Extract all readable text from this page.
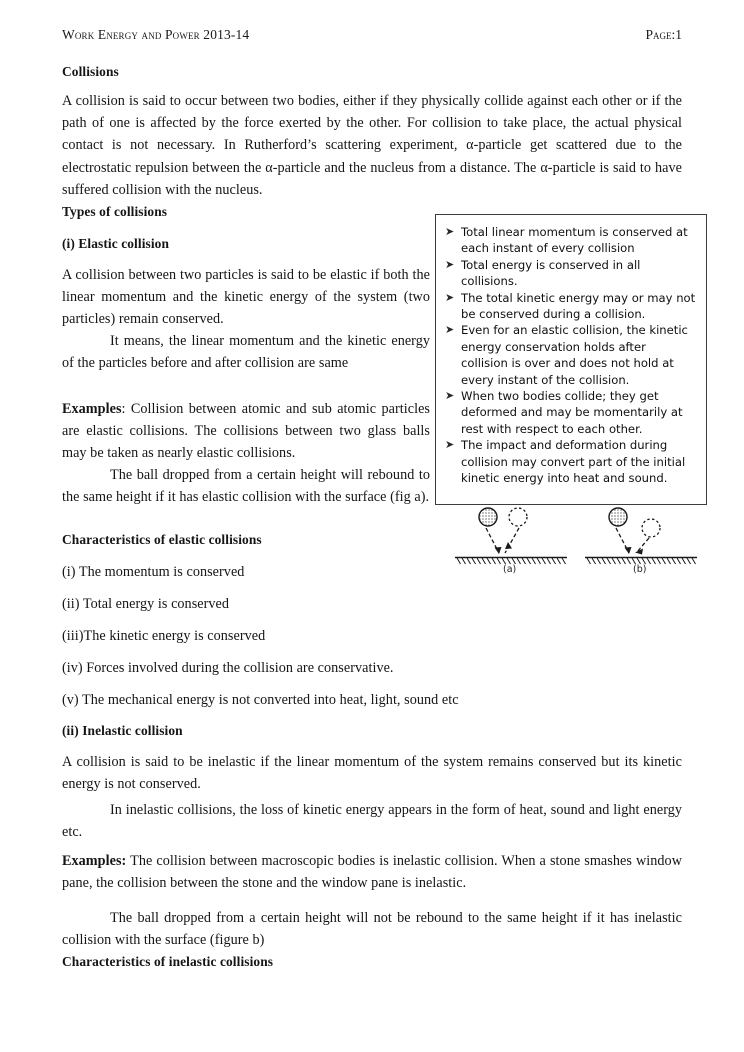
Work Energy and Power 2013-14	Page:1
Collisions

A collision is said to occur between two bodies, either if they physically collide against each other or if the path of one is affected by the force exerted by the other. For collision to take place, the actual physical contact is not necessary. In Rutherford’s scattering experiment, α-particle get scattered due to the electrostatic repulsion between the α-particle and the nucleus from a distance. The α-particle is said to have suffered collision with the nucleus.

Types of collisions
(i) Elastic collision

A collision between two particles is said to be elastic if both the linear momentum and the kinetic energy of the system (two particles) remain conserved.

It means, the linear momentum and the kinetic energy of the particles before and after collision are same

Examples: Collision between atomic and sub atomic particles are elastic collisions. The collisions between two glass balls may be taken as nearly elastic collisions.

The ball dropped from a certain height will rebound to the same height if it has elastic collision with the surface (fig a).

Characteristics of elastic collisions

(i) The momentum is conserved

(ii) Total energy is conserved

(iii)The kinetic energy is conserved

(iv) Forces involved during the collision are conservative.

(v) The mechanical energy is not converted into heat, light, sound etc

(ii) Inelastic collision

A collision is said to be inelastic if the linear momentum of the system remains conserved but its kinetic energy is not conserved.

In inelastic collisions, the loss of kinetic energy appears in the form of heat, sound and light energy etc.

Examples: The collision between macroscopic bodies is inelastic collision. When a stone smashes window pane, the collision between the stone and the window pane is inelastic.

The ball dropped from a certain height will not be rebound to the same height if it has inelastic collision with the surface (figure b)

Characteristics of inelastic collisions
➤ Total linear momentum is conserved at each instant of every collision
➤ Total energy is conserved in all collisions.
➤ The total kinetic energy may or may not be conserved during a collision.
➤ Even for an elastic collision, the kinetic energy conservation holds after collision is over and does not hold at every instant of the collision.
➤ When two bodies collide; they get deformed and may be momentarily at rest with respect to each other.
➤ The impact and deformation during collision may convert part of the initial kinetic energy into heat and sound.
(a)	(b)
